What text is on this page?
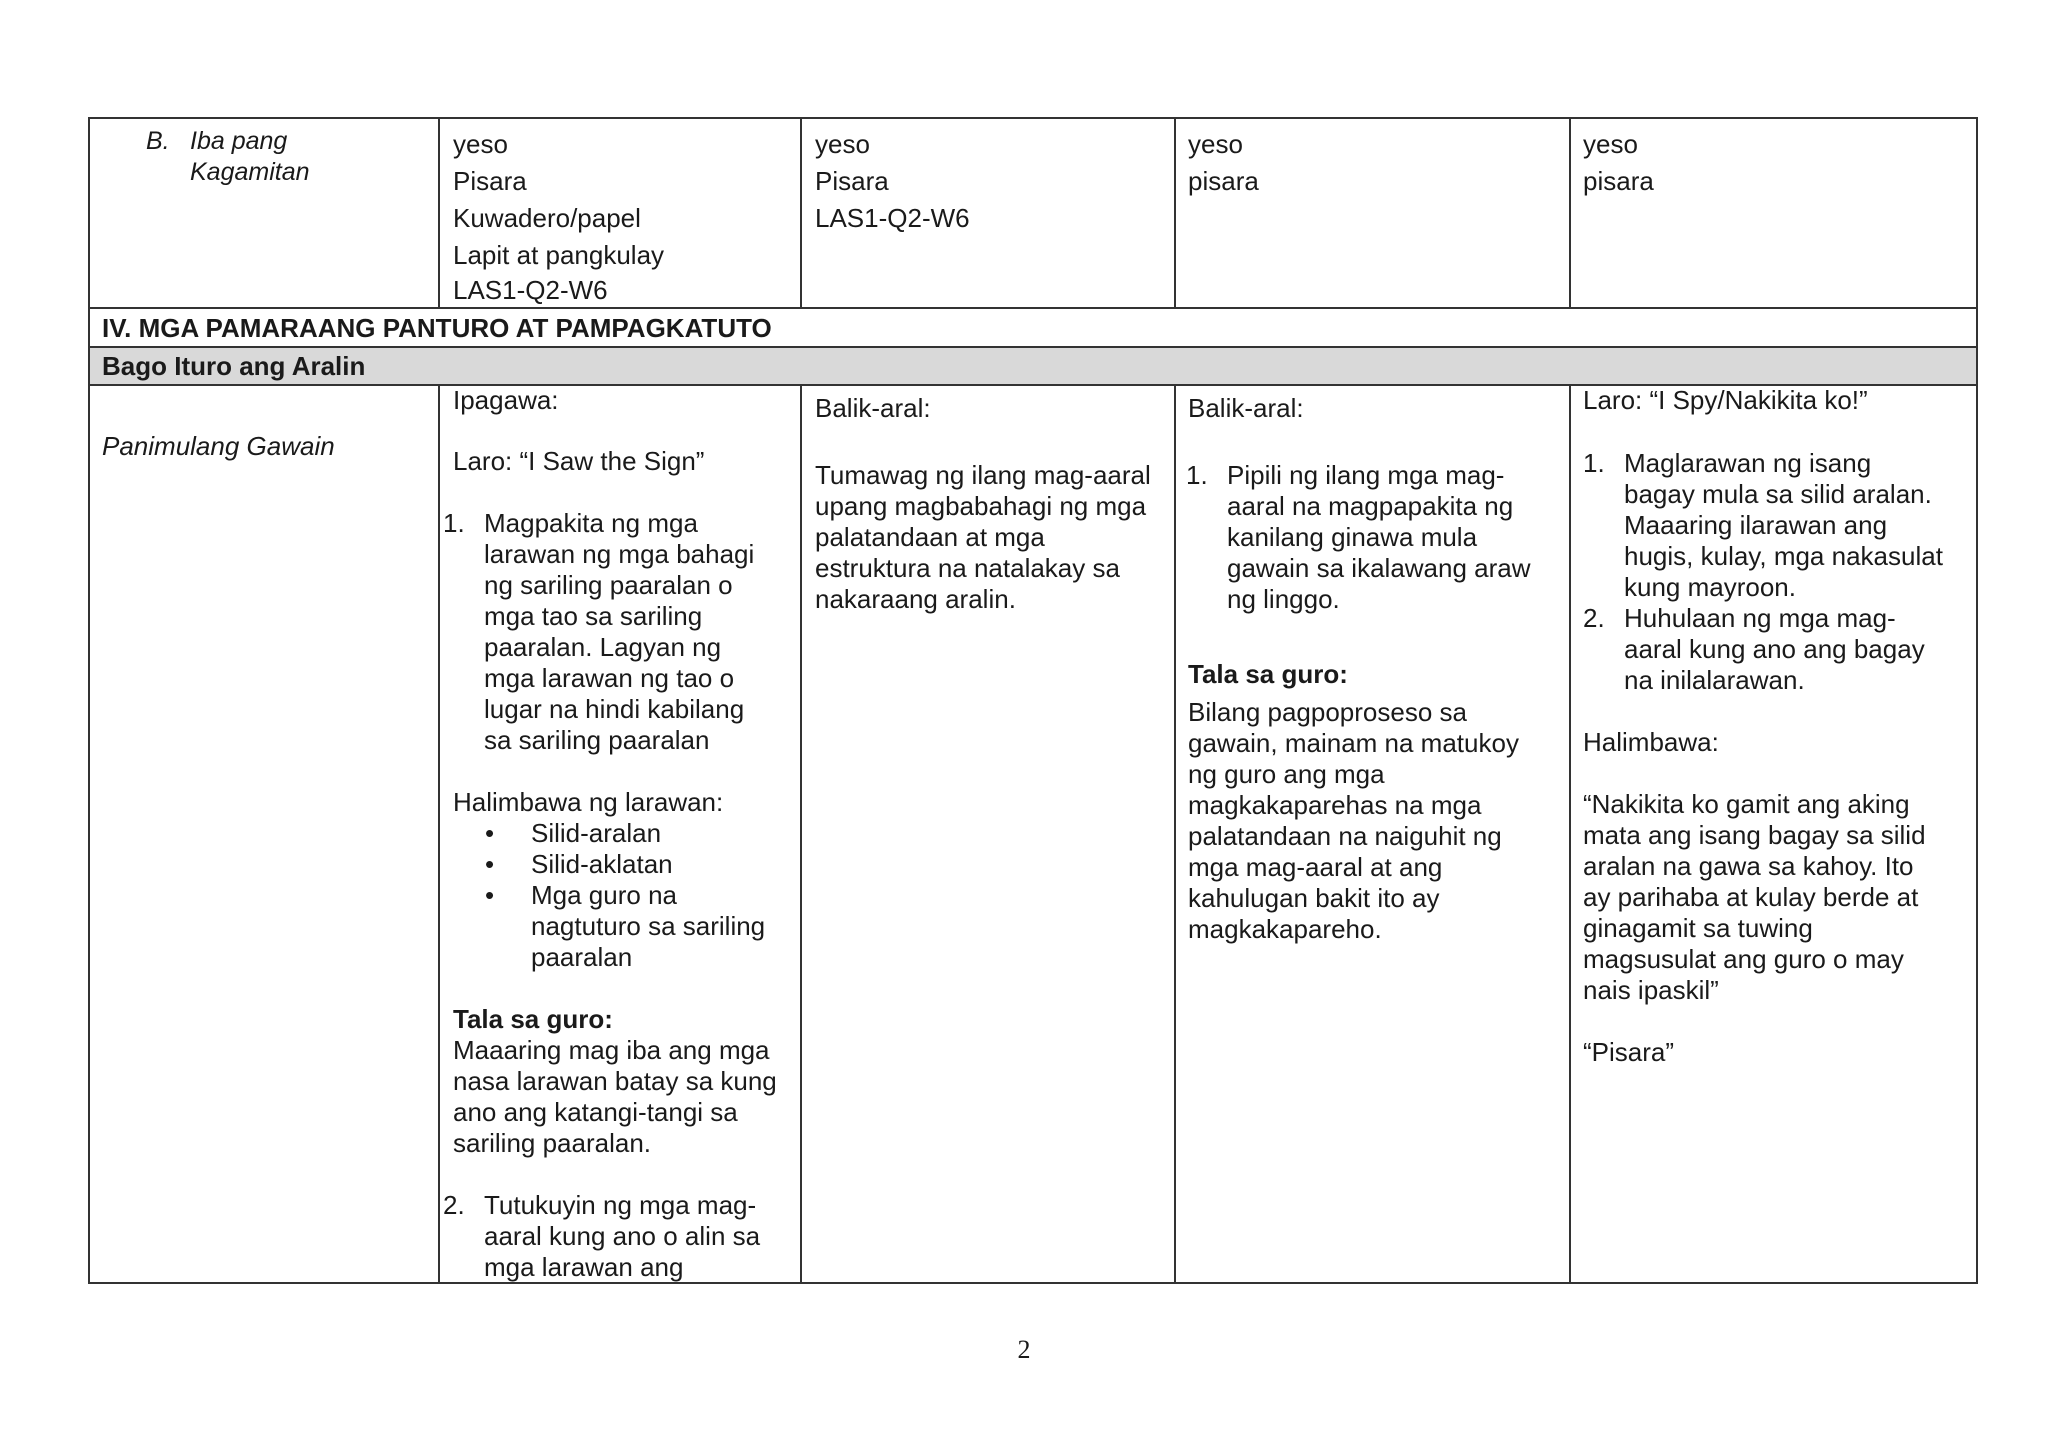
B. Iba pang
Kagamitan
yeso
Pisara
Kuwadero/papel
Lapit at pangkulay
LAS1-Q2-W6
yeso
Pisara
LAS1-Q2-W6
yeso
pisara
yeso
pisara
IV. MGA PAMARAANG PANTURO AT PAMPAGKATUTO
Bago Ituro ang Aralin
Panimulang Gawain
Ipagawa:
Laro: “I Saw the Sign”
1. Magpakita ng mga
larawan ng mga bahagi
ng sariling paaralan o
mga tao sa sariling
paaralan. Lagyan ng
mga larawan ng tao o
lugar na hindi kabilang
sa sariling paaralan
Halimbawa ng larawan:
• Silid-aralan
• Silid-aklatan
• Mga guro na
nagtuturo sa sariling
paaralan
Tala sa guro:
Maaaring mag iba ang mga
nasa larawan batay sa kung
ano ang katangi-tangi sa
sariling paaralan.
2. Tutukuyin ng mga mag-
aaral kung ano o alin sa
mga larawan ang
Balik-aral:
Tumawag ng ilang mag-aaral
upang magbabahagi ng mga
palatandaan at mga
estruktura na natalakay sa
nakaraang aralin.
Balik-aral:
1. Pipili ng ilang mga mag-
aaral na magpapakita ng
kanilang ginawa mula
gawain sa ikalawang araw
ng linggo.
Tala sa guro:
Bilang pagpoproseso sa
gawain, mainam na matukoy
ng guro ang mga
magkakaparehas na mga
palatandaan na naiguhit ng
mga mag-aaral at ang
kahulugan bakit ito ay
magkakapareho.
Laro: “I Spy/Nakikita ko!”
1. Maglarawan ng isang
bagay mula sa silid aralan.
Maaaring ilarawan ang
hugis, kulay, mga nakasulat
kung mayroon.
2. Huhulaan ng mga mag-
aaral kung ano ang bagay
na inilalarawan.
Halimbawa:
“Nakikita ko gamit ang aking
mata ang isang bagay sa silid
aralan na gawa sa kahoy. Ito
ay parihaba at kulay berde at
ginagamit sa tuwing
magsusulat ang guro o may
nais ipaskil”
“Pisara”
2
